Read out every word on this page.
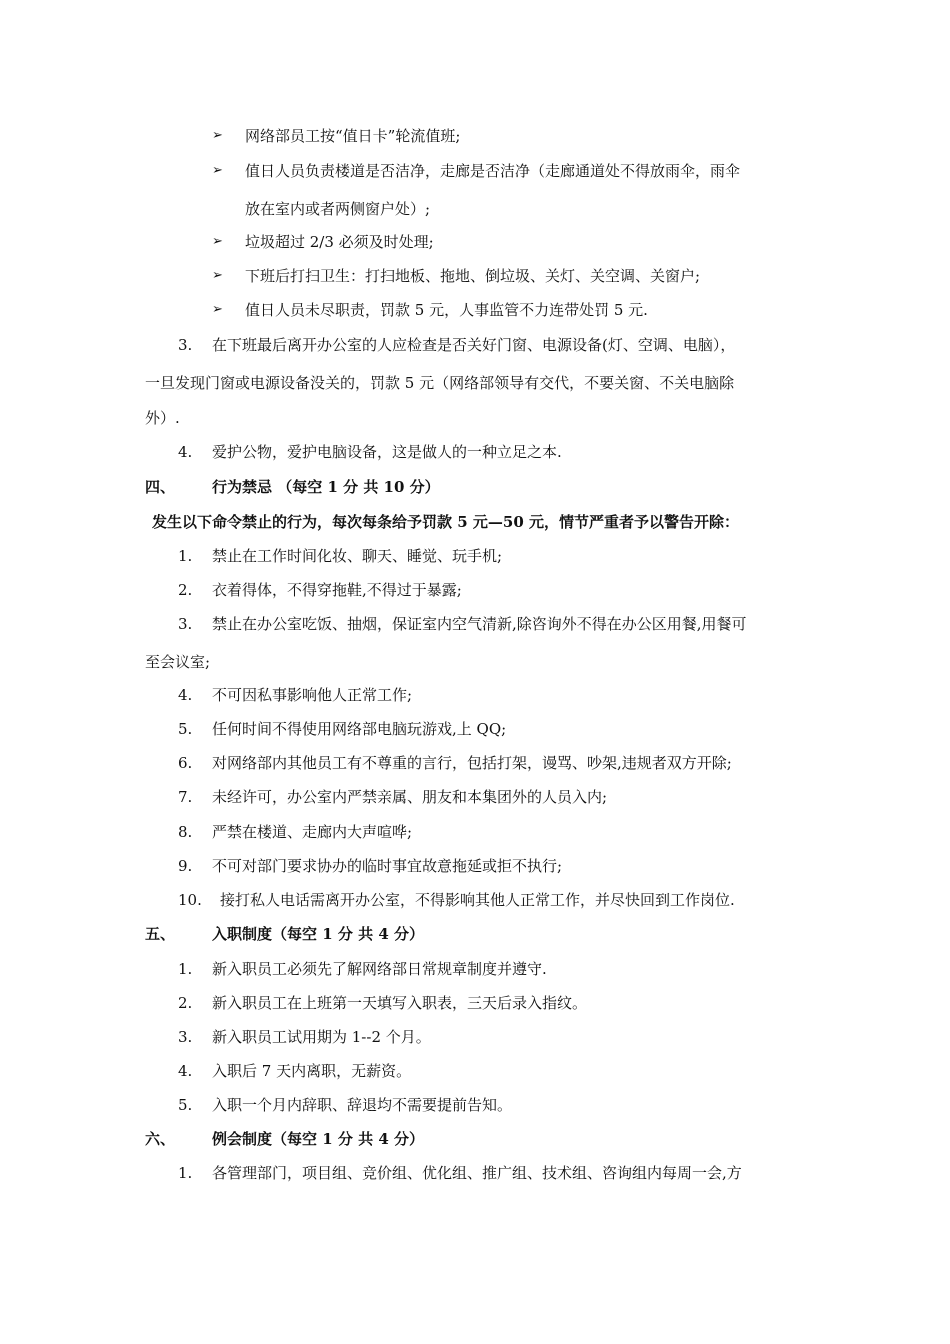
➢ 网络部员工按“值日卡”轮流值班;
➢ 值日人员负责楼道是否洁净，走廊是否洁净（走廊通道处不得放雨伞，雨伞
放在室内或者两侧窗户处）;
➢ 垃圾超过 2/3 必须及时处理;
➢ 下班后打扫卫生：打扫地板、拖地、倒垃圾、关灯、关空调、关窗户;
➢ 值日人员未尽职责，罚款 5 元，人事监管不力连带处罚 5 元.
3. 在下班最后离开办公室的人应检查是否关好门窗、电源设备(灯、空调、电脑），
一旦发现门窗或电源设备没关的，罚款 5 元（网络部领导有交代，不要关窗、不关电脑除
外）.
4. 爱护公物，爱护电脑设备，这是做人的一种立足之本.
四、 行为禁忌 （每空 1 分 共 10 分）
发生以下命令禁止的行为，每次每条给予罚款 5 元—50 元，情节严重者予以警告开除：
1. 禁止在工作时间化妆、聊天、睡觉、玩手机;
2. 衣着得体，不得穿拖鞋,不得过于暴露;
3. 禁止在办公室吃饭、抽烟，保证室内空气清新,除咨询外不得在办公区用餐,用餐可
至会议室;
4. 不可因私事影响他人正常工作;
5. 任何时间不得使用网络部电脑玩游戏,上 QQ;
6. 对网络部内其他员工有不尊重的言行，包括打架，谩骂、吵架,违规者双方开除;
7. 未经许可，办公室内严禁亲属、朋友和本集团外的人员入内;
8. 严禁在楼道、走廊内大声喧哗;
9. 不可对部门要求协办的临时事宜故意拖延或拒不执行;
10. 接打私人电话需离开办公室，不得影响其他人正常工作，并尽快回到工作岗位.
五、 入职制度（每空 1 分 共 4 分）
1. 新入职员工必须先了解网络部日常规章制度并遵守.
2. 新入职员工在上班第一天填写入职表，三天后录入指纹。
3. 新入职员工试用期为 1--2 个月。
4. 入职后 7 天内离职，无薪资。
5. 入职一个月内辞职、辞退均不需要提前告知。
六、 例会制度（每空 1 分 共 4 分）
1. 各管理部门，项目组、竞价组、优化组、推广组、技术组、咨询组内每周一会,方
